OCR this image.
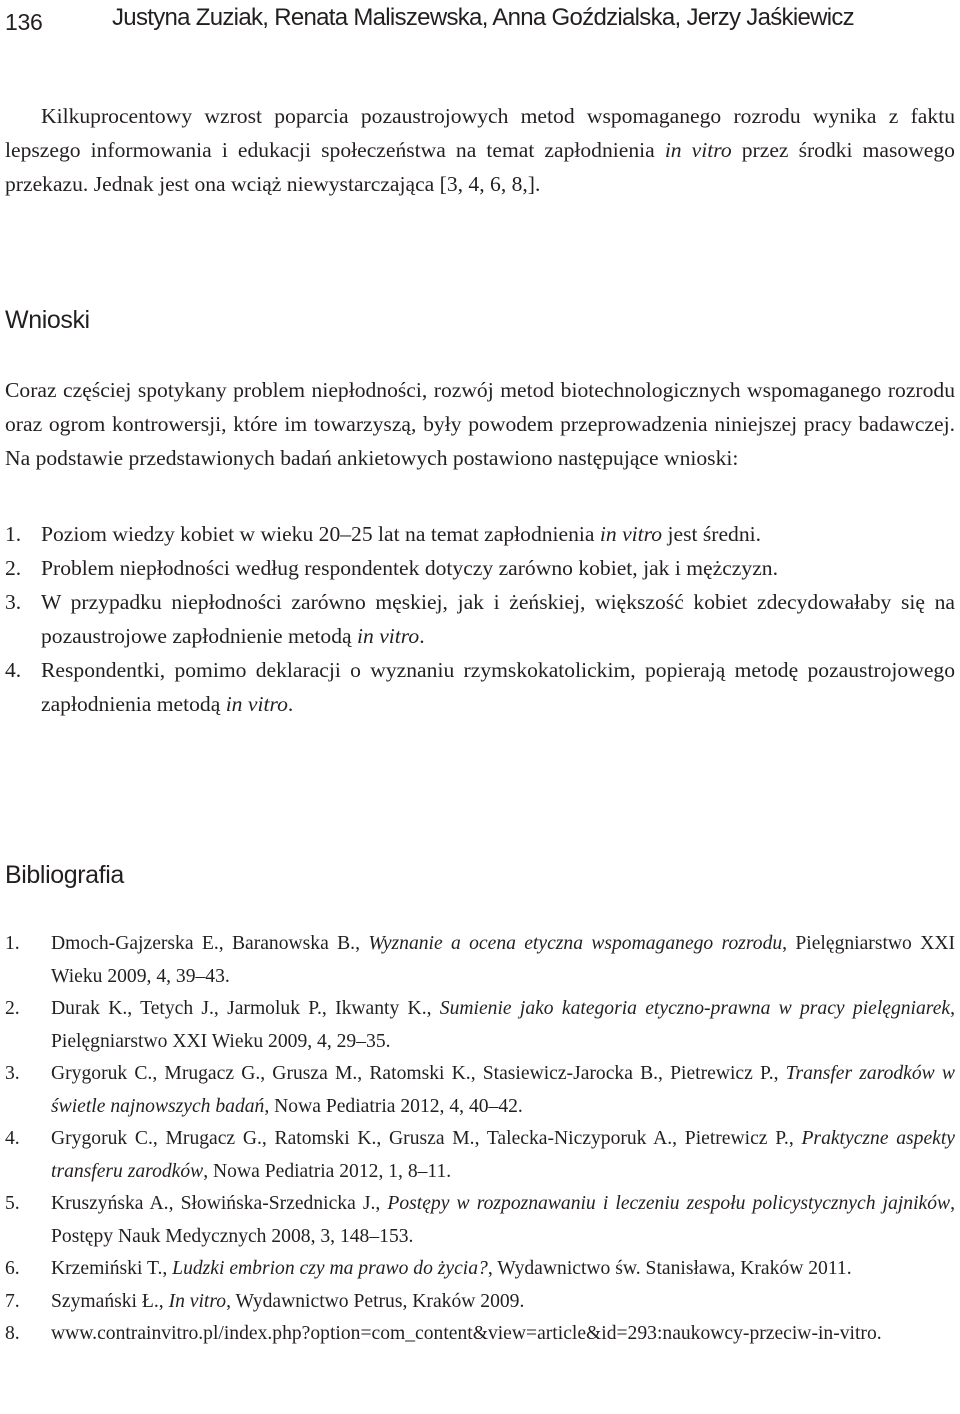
136	Justyna Zuziak, Renata Maliszewska, Anna Goździalska, Jerzy Jaśkiewicz

Kilkuprocentowy wzrost poparcia pozaustrojowych metod wspomaganego rozrodu wynika z faktu lepszego informowania i edukacji społeczeństwa na temat zapłodnienia in vitro przez środki masowego przekazu. Jednak jest ona wciąż niewystarczająca [3, 4, 6, 8,].

Wnioski

Coraz częściej spotykany problem niepłodności, rozwój metod biotechnologicznych wspomaganego rozrodu oraz ogrom kontrowersji, które im towarzyszą, były powodem przeprowadzenia niniejszej pracy badawczej. Na podstawie przedstawionych badań ankietowych postawiono następujące wnioski:

1. Poziom wiedzy kobiet w wieku 20–25 lat na temat zapłodnienia in vitro jest średni.
2. Problem niepłodności według respondentek dotyczy zarówno kobiet, jak i mężczyzn.
3. W przypadku niepłodności zarówno męskiej, jak i żeńskiej, większość kobiet zdecydowałaby się na pozaustrojowe zapłodnienie metodą in vitro.
4. Respondentki, pomimo deklaracji o wyznaniu rzymskokatolickim, popierają metodę pozaustrojowego zapłodnienia metodą in vitro.
Bibliografia
1. Dmoch-Gajzerska E., Baranowska B., Wyznanie a ocena etyczna wspomaganego rozrodu, Pielęgniarstwo XXI Wieku 2009, 4, 39–43.
2. Durak K., Tetych J., Jarmoluk P., Ikwanty K., Sumienie jako kategoria etyczno-prawna w pracy pielęgniarek, Pielęgniarstwo XXI Wieku 2009, 4, 29–35.
3. Grygoruk C., Mrugacz G., Grusza M., Ratomski K., Stasiewicz-Jarocka B., Pietrewicz P., Transfer zarodków w świetle najnowszych badań, Nowa Pediatria 2012, 4, 40–42.
4. Grygoruk C., Mrugacz G., Ratomski K., Grusza M., Talecka-Niczyporuk A., Pietrewicz P., Praktyczne aspekty transferu zarodków, Nowa Pediatria 2012, 1, 8–11.
5. Kruszyńska A., Słowińska-Srzednicka J., Postępy w rozpoznawaniu i leczeniu zespołu policystycznych jajników, Postępy Nauk Medycznych 2008, 3, 148–153.
6. Krzemiński T., Ludzki embrion czy ma prawo do życia?, Wydawnictwo św. Stanisława, Kraków 2011.
7. Szymański Ł., In vitro, Wydawnictwo Petrus, Kraków 2009.
8. www.contrainvitro.pl/index.php?option=com_content&view=article&id=293:naukowcy-przeciw-in-vitro.
